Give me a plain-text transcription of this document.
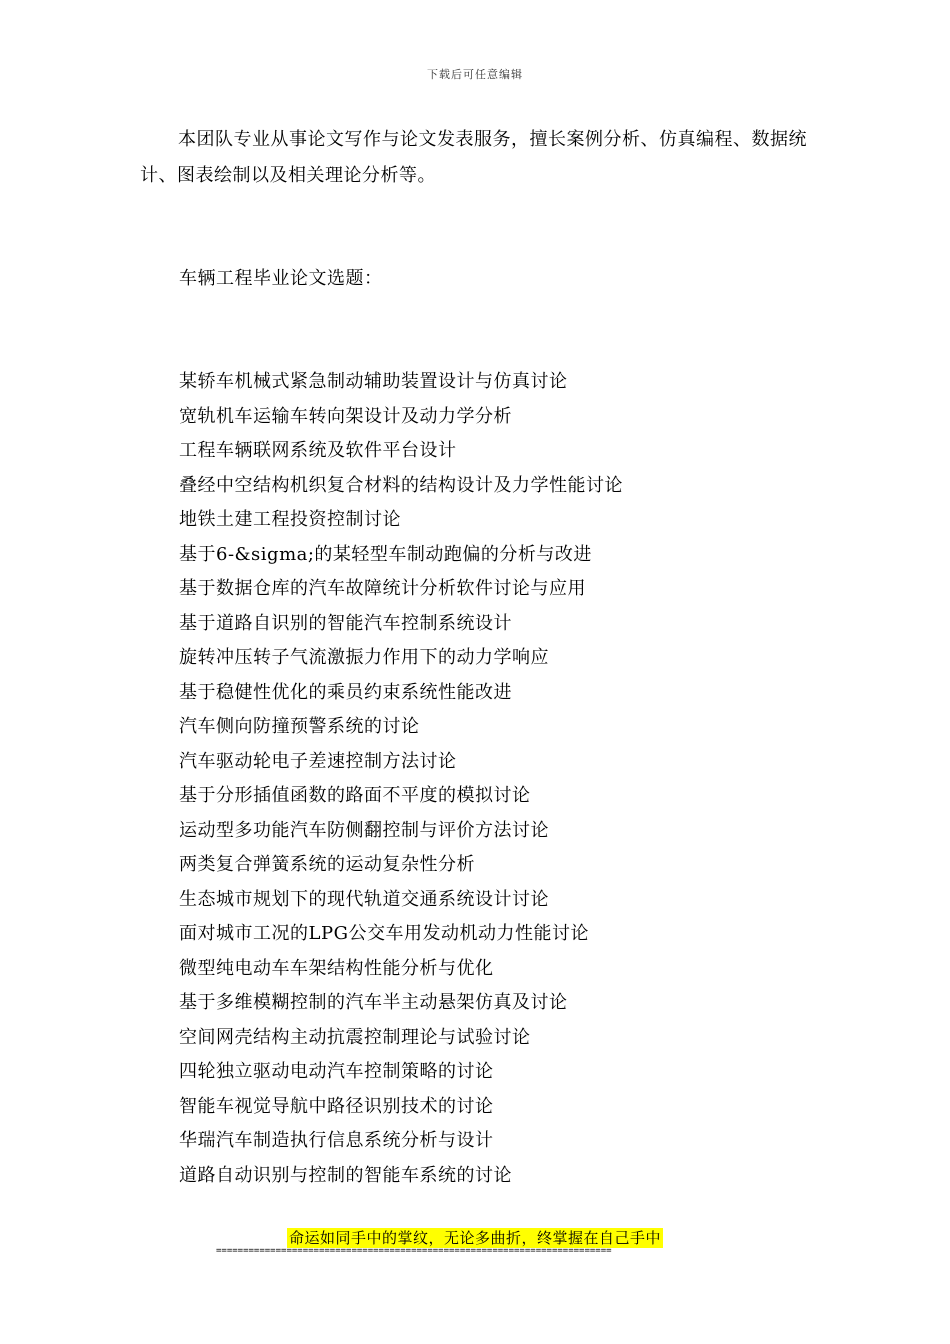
下载后可任意编辑

本团队专业从事论文写作与论文发表服务，擅长案例分析、仿真编程、数据统计、图表绘制以及相关理论分析等。

车辆工程毕业论文选题：

某轿车机械式紧急制动辅助装置设计与仿真讨论
宽轨机车运输车转向架设计及动力学分析
工程车辆联网系统及软件平台设计
叠经中空结构机织复合材料的结构设计及力学性能讨论
地铁土建工程投资控制讨论
基于6-&sigma;的某轻型车制动跑偏的分析与改进
基于数据仓库的汽车故障统计分析软件讨论与应用
基于道路自识别的智能汽车控制系统设计
旋转冲压转子气流激振力作用下的动力学响应
基于稳健性优化的乘员约束系统性能改进
汽车侧向防撞预警系统的讨论
汽车驱动轮电子差速控制方法讨论
基于分形插值函数的路面不平度的模拟讨论
运动型多功能汽车防侧翻控制与评价方法讨论
两类复合弹簧系统的运动复杂性分析
生态城市规划下的现代轨道交通系统设计讨论
面对城市工况的LPG公交车用发动机动力性能讨论
微型纯电动车车架结构性能分析与优化
基于多维模糊控制的汽车半主动悬架仿真及讨论
空间网壳结构主动抗震控制理论与试验讨论
四轮独立驱动电动汽车控制策略的讨论
智能车视觉导航中路径识别技术的讨论
华瑞汽车制造执行信息系统分析与设计
道路自动识别与控制的智能车系统的讨论
命运如同手中的掌纹，无论多曲折，终掌握在自己手中
=========================================================================
